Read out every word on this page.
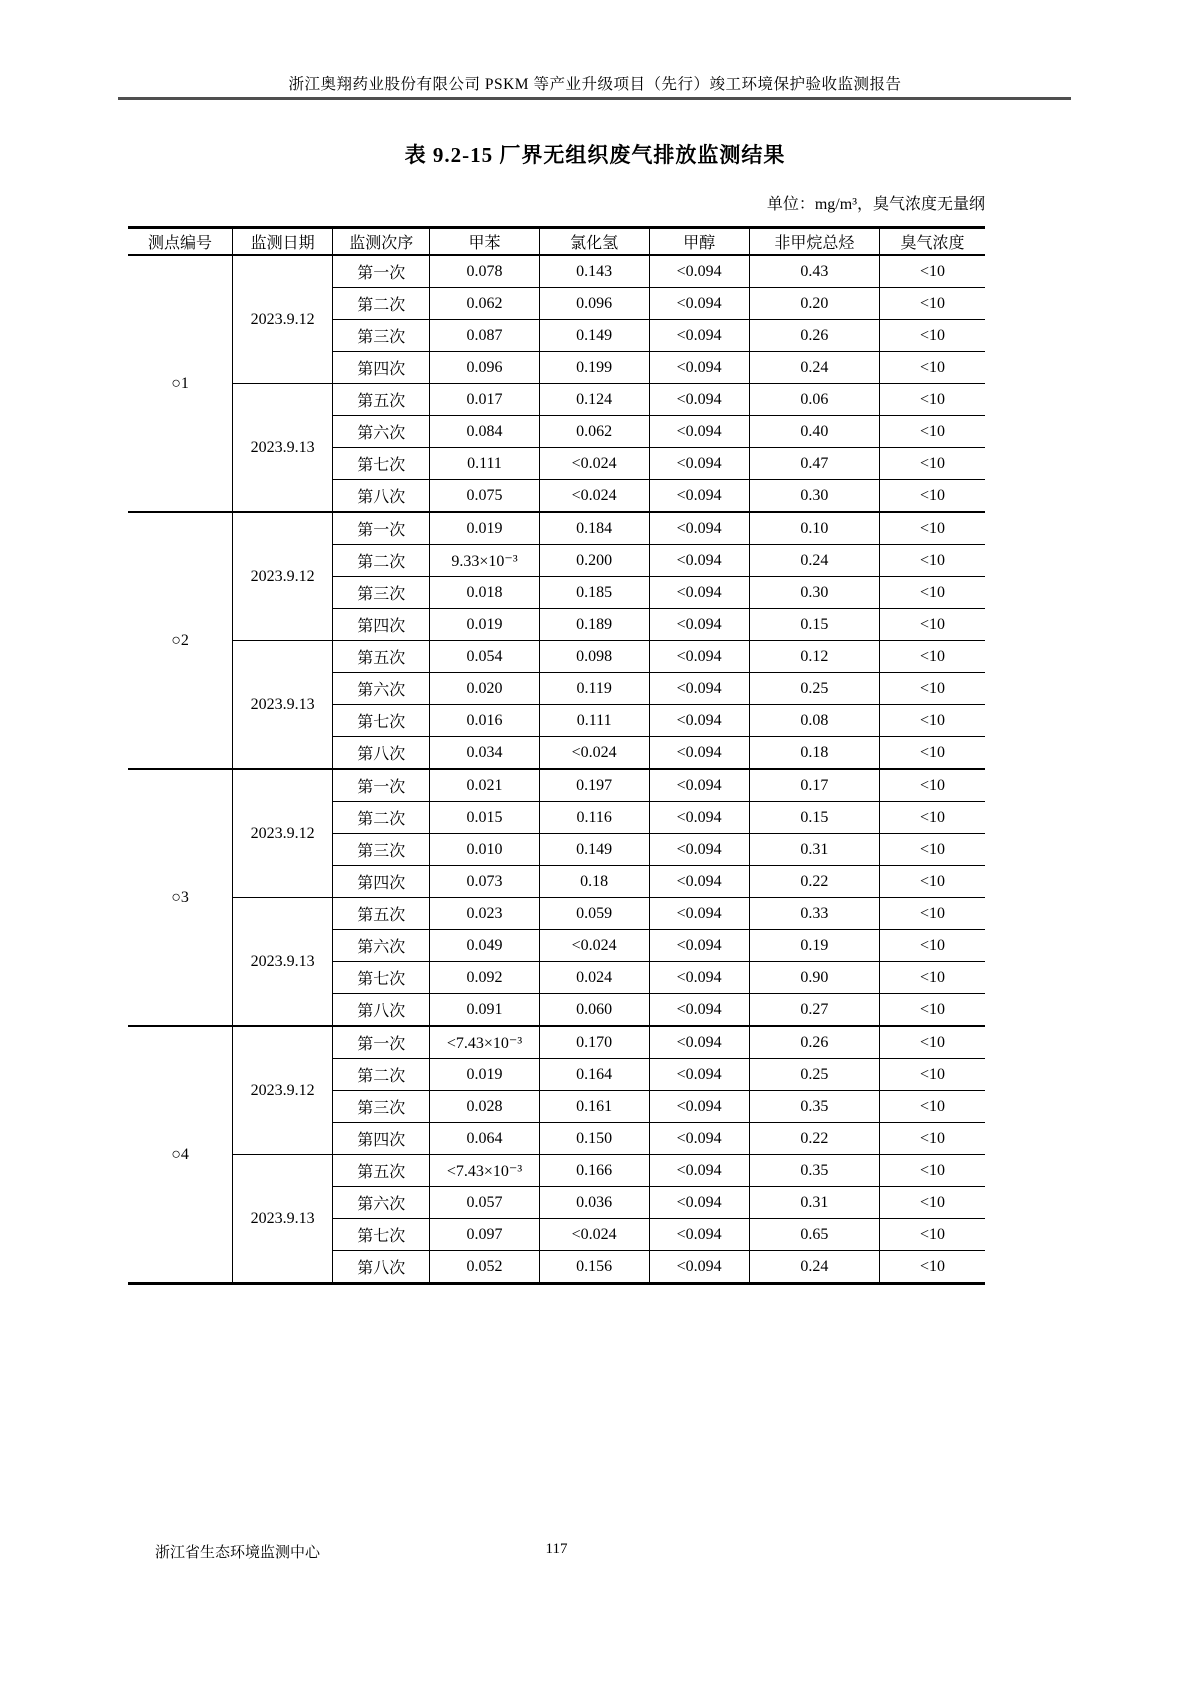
浙江奥翔药业股份有限公司 PSKM 等产业升级项目（先行）竣工环境保护验收监测报告
表 9.2-15 厂界无组织废气排放监测结果
单位：mg/m³，臭气浓度无量纲
测点编号	监测日期	监测次序	甲苯	氯化氢	甲醇	非甲烷总烃	臭气浓度
○1	2023.9.12	第一次	0.078	0.143	<0.094	0.43	<10
		第二次	0.062	0.096	<0.094	0.20	<10
		第三次	0.087	0.149	<0.094	0.26	<10
		第四次	0.096	0.199	<0.094	0.24	<10
	2023.9.13	第五次	0.017	0.124	<0.094	0.06	<10
		第六次	0.084	0.062	<0.094	0.40	<10
		第七次	0.111	<0.024	<0.094	0.47	<10
		第八次	0.075	<0.024	<0.094	0.30	<10
○2	2023.9.12	第一次	0.019	0.184	<0.094	0.10	<10
		第二次	9.33×10⁻³	0.200	<0.094	0.24	<10
		第三次	0.018	0.185	<0.094	0.30	<10
		第四次	0.019	0.189	<0.094	0.15	<10
	2023.9.13	第五次	0.054	0.098	<0.094	0.12	<10
		第六次	0.020	0.119	<0.094	0.25	<10
		第七次	0.016	0.111	<0.094	0.08	<10
		第八次	0.034	<0.024	<0.094	0.18	<10
○3	2023.9.12	第一次	0.021	0.197	<0.094	0.17	<10
		第二次	0.015	0.116	<0.094	0.15	<10
		第三次	0.010	0.149	<0.094	0.31	<10
		第四次	0.073	0.18	<0.094	0.22	<10
	2023.9.13	第五次	0.023	0.059	<0.094	0.33	<10
		第六次	0.049	<0.024	<0.094	0.19	<10
		第七次	0.092	0.024	<0.094	0.90	<10
		第八次	0.091	0.060	<0.094	0.27	<10
○4	2023.9.12	第一次	<7.43×10⁻³	0.170	<0.094	0.26	<10
		第二次	0.019	0.164	<0.094	0.25	<10
		第三次	0.028	0.161	<0.094	0.35	<10
		第四次	0.064	0.150	<0.094	0.22	<10
	2023.9.13	第五次	<7.43×10⁻³	0.166	<0.094	0.35	<10
		第六次	0.057	0.036	<0.094	0.31	<10
		第七次	0.097	<0.024	<0.094	0.65	<10
		第八次	0.052	0.156	<0.094	0.24	<10
浙江省生态环境监测中心	117
